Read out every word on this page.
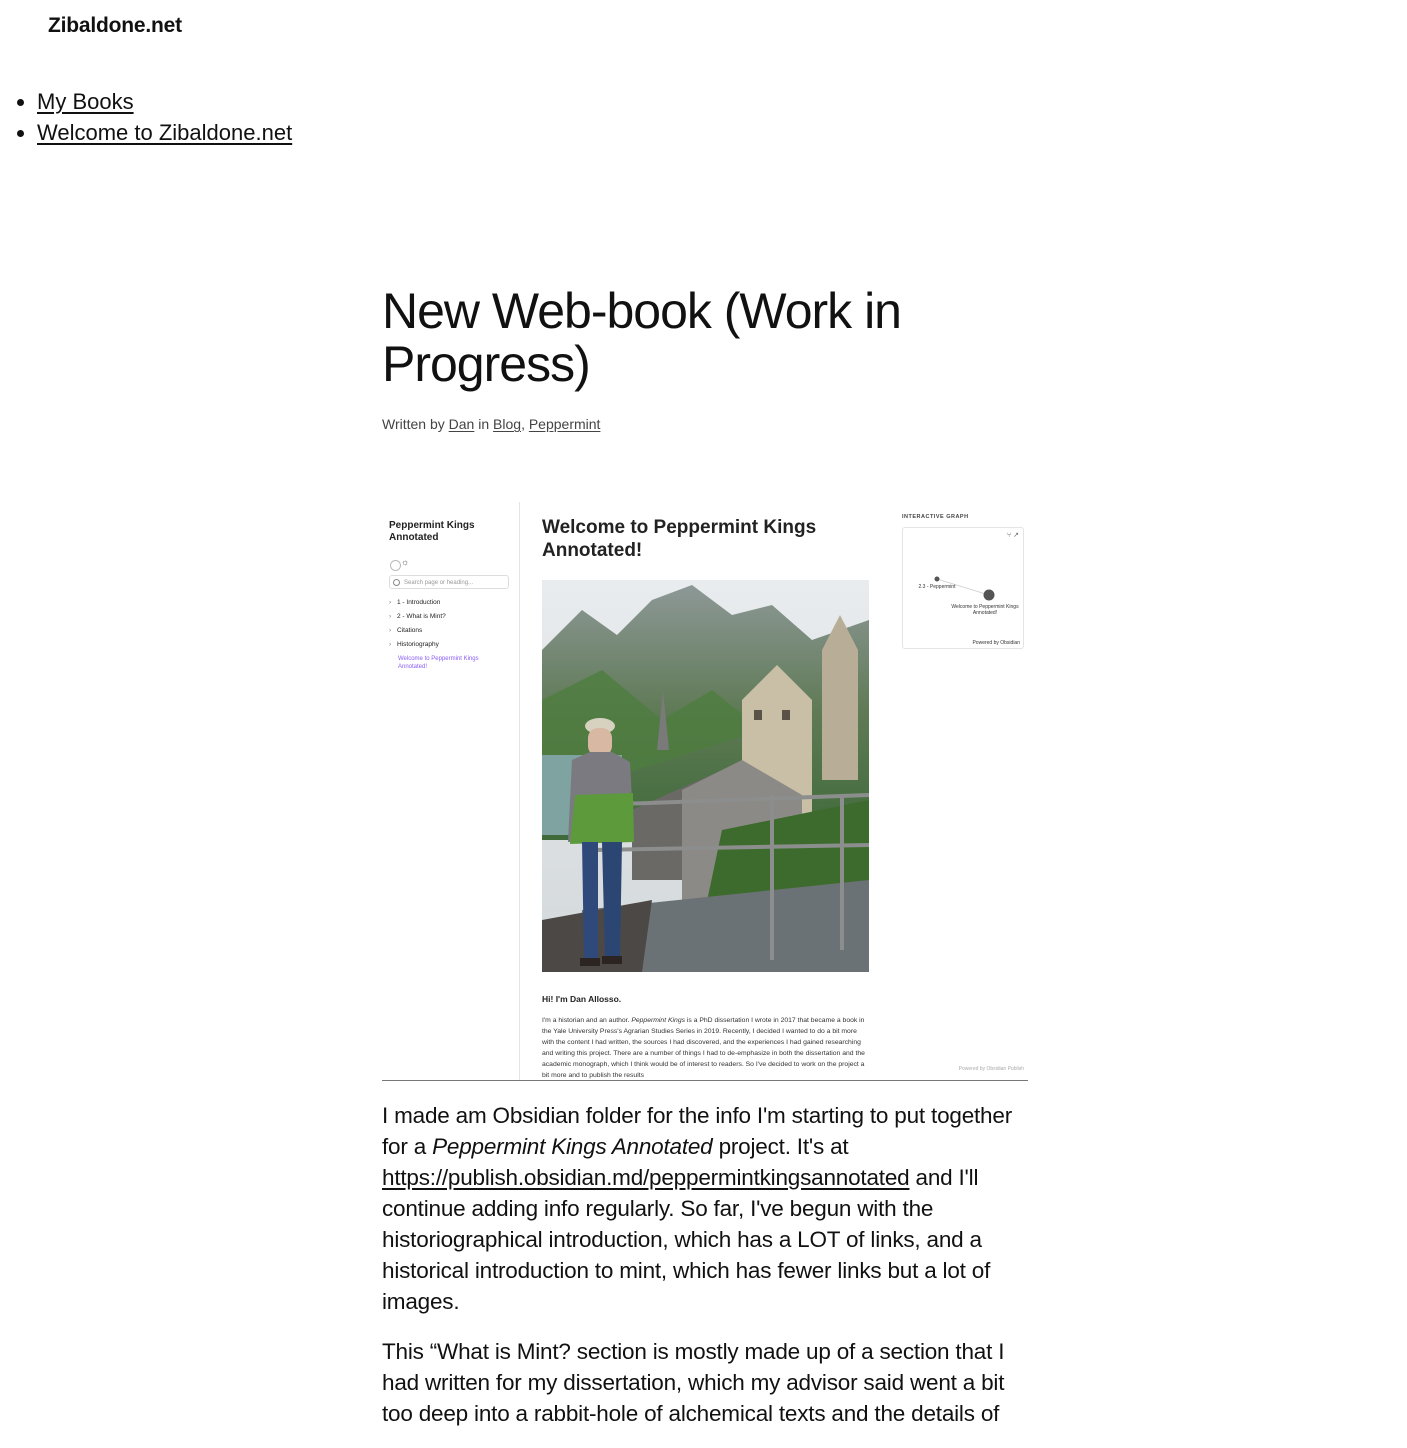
Zibaldone.net
• My Books
• Welcome to Zibaldone.net
New Web-book (Work in Progress)
Written by Dan in Blog, Peppermint
Peppermint Kings Annotated
☼
Search page or heading...
› 1 - Introduction
› 2 - What is Mint?
› Citations
› Historiography
Welcome to Peppermint Kings Annotated!
Welcome to Peppermint Kings Annotated!
Hi! I'm Dan Allosso.
I'm a historian and an author. Peppermint Kings is a PhD dissertation I wrote in 2017 that became a book in the Yale University Press's Agrarian Studies Series in 2019. Recently, I decided I wanted to do a bit more with the content I had written, the sources I had discovered, and the experiences I had gained researching and writing this project. There are a number of things I had to de-emphasize in both the dissertation and the academic monograph, which I think would be of interest to readers. So I've decided to work on the project a bit more and to publish the results
INTERACTIVE GRAPH
⑂ ↗
2.3 - Peppermint
Welcome to Peppermint Kings Annotated!
Powered by Obsidian
Powered by Obsidian Publish

I made am Obsidian folder for the info I'm starting to put together for a Peppermint Kings Annotated project. It's at https://publish.obsidian.md/peppermintkingsannotated and I'll continue adding info regularly. So far, I've begun with the historiographical introduction, which has a LOT of links, and a historical introduction to mint, which has fewer links but a lot of images.

This “What is Mint? section is mostly made up of a section that I had written for my dissertation, which my advisor said went a bit too deep into a rabbit-hole of alchemical texts and the details of
